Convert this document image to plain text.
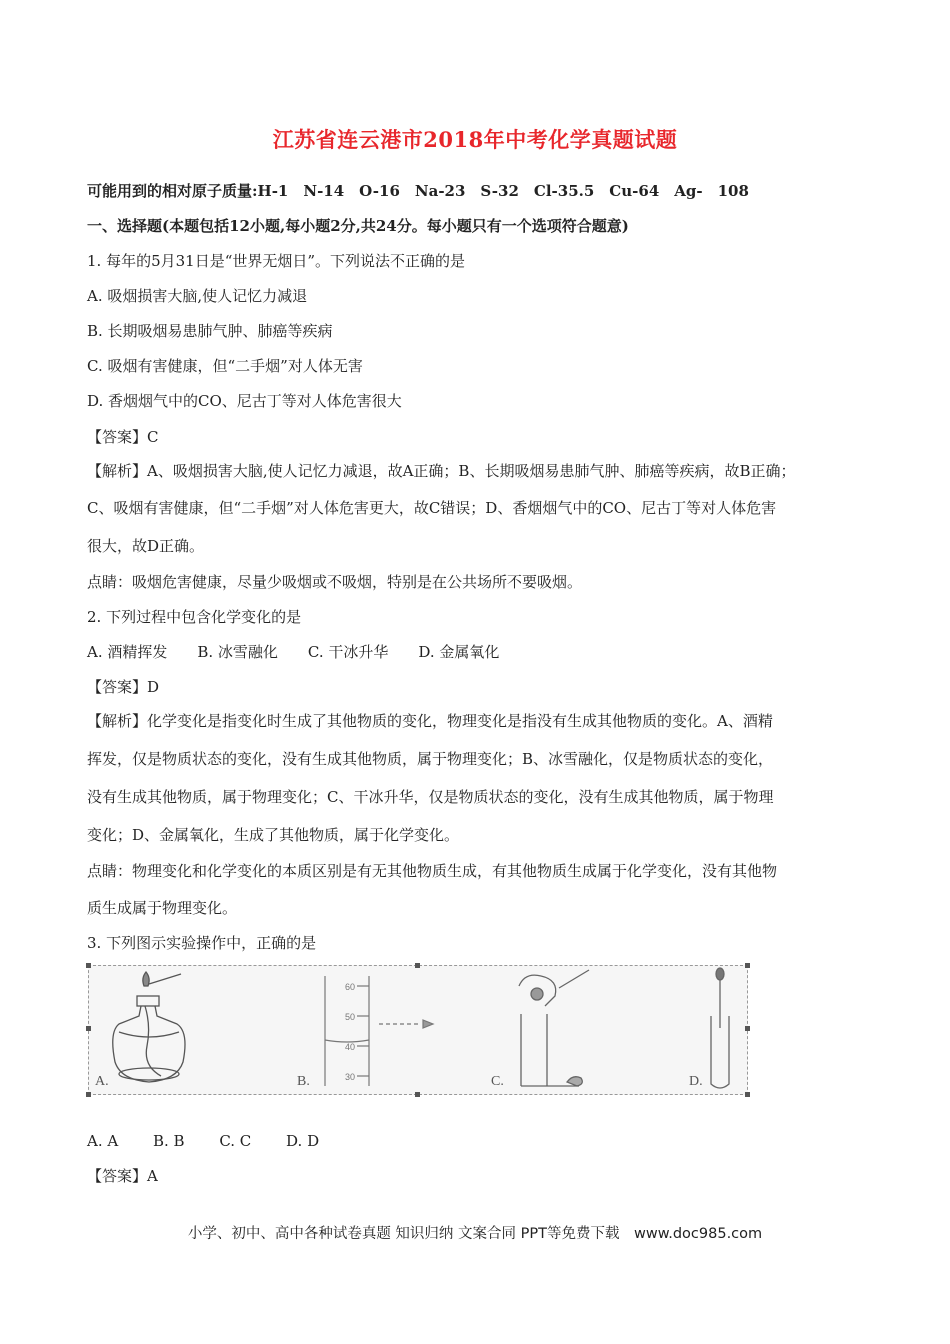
江苏省连云港市2018年中考化学真题试题
可能用到的相对原子质量:H-1　N-14　O-16　Na-23　S-32　Cl-35.5　Cu-64　Ag-　108
一、选择题(本题包括12小题,每小题2分,共24分。每小题只有一个选项符合题意)
1. 每年的5月31日是“世界无烟日”。下列说法不正确的是
A. 吸烟损害大脑,使人记忆力减退
B. 长期吸烟易患肺气肿、肺癌等疾病
C. 吸烟有害健康，但“二手烟”对人体无害
D. 香烟烟气中的CO、尼古丁等对人体危害很大
【答案】C
【解析】A、吸烟损害大脑,使人记忆力减退，故A正确；B、长期吸烟易患肺气肿、肺癌等疾病，故B正确；
C、吸烟有害健康，但“二手烟”对人体危害更大，故C错误；D、香烟烟气中的CO、尼古丁等对人体危害
很大，故D正确。
点睛：吸烟危害健康，尽量少吸烟或不吸烟，特别是在公共场所不要吸烟。
2. 下列过程中包含化学变化的是
A. 酒精挥发　　B. 冰雪融化　　C. 干冰升华　　D. 金属氧化
【答案】D
【解析】化学变化是指变化时生成了其他物质的变化，物理变化是指没有生成其他物质的变化。A、酒精
挥发，仅是物质状态的变化，没有生成其他物质，属于物理变化；B、冰雪融化，仅是物质状态的变化，
没有生成其他物质，属于物理变化；C、干冰升华，仅是物质状态的变化，没有生成其他物质，属于物理
变化；D、金属氧化，生成了其他物质，属于化学变化。
点睛：物理变化和化学变化的本质区别是有无其他物质生成，有其他物质生成属于化学变化，没有其他物
质生成属于物理变化。
3. 下列图示实验操作中，正确的是
A.
60
50
40
30
B.	C.	D.
A. A　　 B. B　　 C. C　　 D. D
【答案】A
小学、初中、高中各种试卷真题 知识归纳 文案合同 PPT等免费下载　www.doc985.com
